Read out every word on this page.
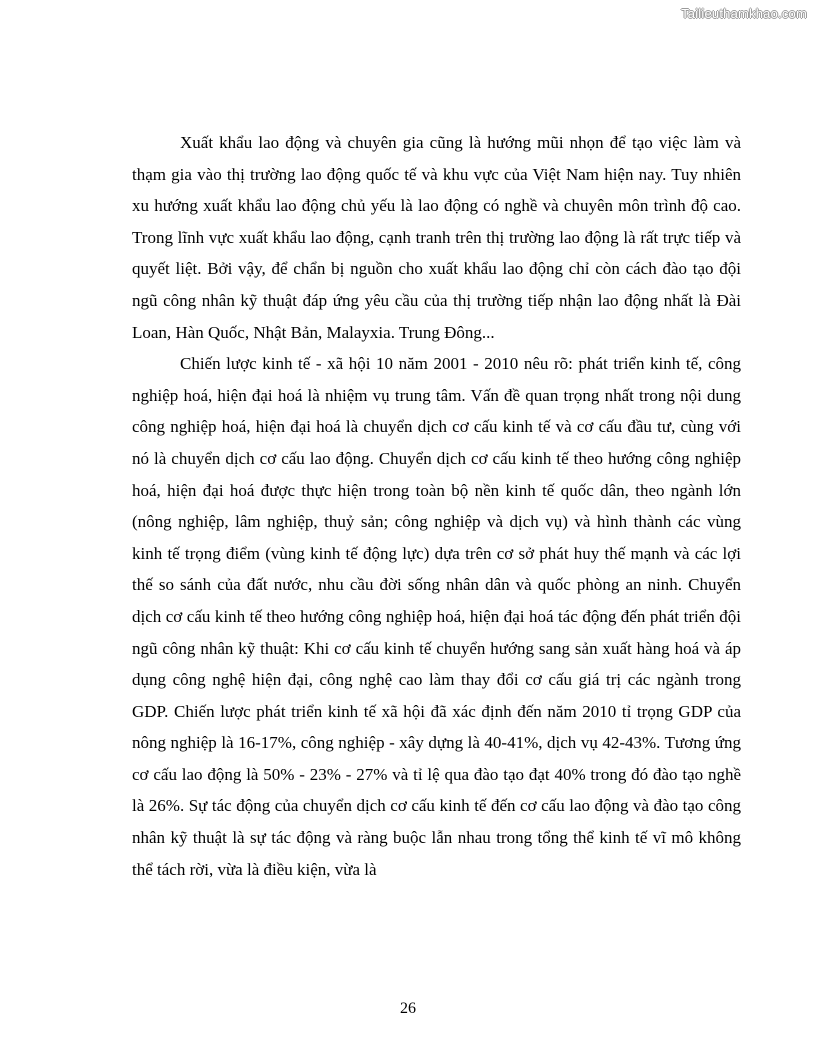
Tailieuthamkhao.com

Xuất khẩu lao động và chuyên gia cũng là hướng mũi nhọn để tạo việc làm và thạm gia vào thị trường lao động quốc tế và khu vực của Việt Nam hiện nay. Tuy nhiên xu hướng xuất khẩu lao động chủ yếu là lao động có nghề và chuyên môn trình độ cao. Trong lĩnh vực xuất khẩu lao động, cạnh tranh trên thị trường lao động là rất trực tiếp và quyết liệt. Bởi vậy, để chẩn bị nguồn cho xuất khẩu lao động chỉ còn cách đào tạo đội ngũ công nhân kỹ thuật đáp ứng yêu cầu của thị trường tiếp nhận lao động nhất là Đài Loan, Hàn Quốc, Nhật Bản, Malayxia. Trung Đông...

Chiến lược kinh tế - xã hội 10 năm 2001 - 2010 nêu rõ: phát triển kinh tế, công nghiệp hoá, hiện đại hoá là nhiệm vụ trung tâm. Vấn đề quan trọng nhất trong nội dung công nghiệp hoá, hiện đại hoá là chuyển dịch cơ cấu kinh tế và cơ cấu đầu tư, cùng với nó là chuyển dịch cơ cấu lao động. Chuyển dịch cơ cấu kinh tế theo hướng công nghiệp hoá, hiện đại hoá được thực hiện trong toàn bộ nền kinh tế quốc dân, theo ngành lớn (nông nghiệp, lâm nghiệp, thuỷ sản; công nghiệp và dịch vụ) và hình thành các vùng kinh tế trọng điểm (vùng kinh tế động lực) dựa trên cơ sở phát huy thế mạnh và các lợi thế so sánh của đất nước, nhu cầu đời sống nhân dân và quốc phòng an ninh. Chuyển dịch cơ cấu kinh tế theo hướng công nghiệp hoá, hiện đại hoá tác động đến phát triển đội ngũ công nhân kỹ thuật: Khi cơ cấu kinh tế chuyển hướng sang sản xuất hàng hoá và áp dụng công nghệ hiện đại, công nghệ cao làm thay đổi cơ cấu giá trị các ngành trong GDP. Chiến lược phát triển kinh tế xã hội đã xác định đến năm 2010 tỉ trọng GDP của nông nghiệp là 16-17%, công nghiệp - xây dựng là 40-41%, dịch vụ 42-43%. Tương ứng cơ cấu lao động là 50% - 23% - 27% và tỉ lệ qua đào tạo đạt 40% trong đó đào tạo nghề là 26%. Sự tác động của chuyển dịch cơ cấu kinh tế đến cơ cấu lao động và đào tạo công nhân kỹ thuật là sự tác động và ràng buộc lẫn nhau trong tổng thể kinh tế vĩ mô không thể tách rời, vừa là điều kiện, vừa là

26
